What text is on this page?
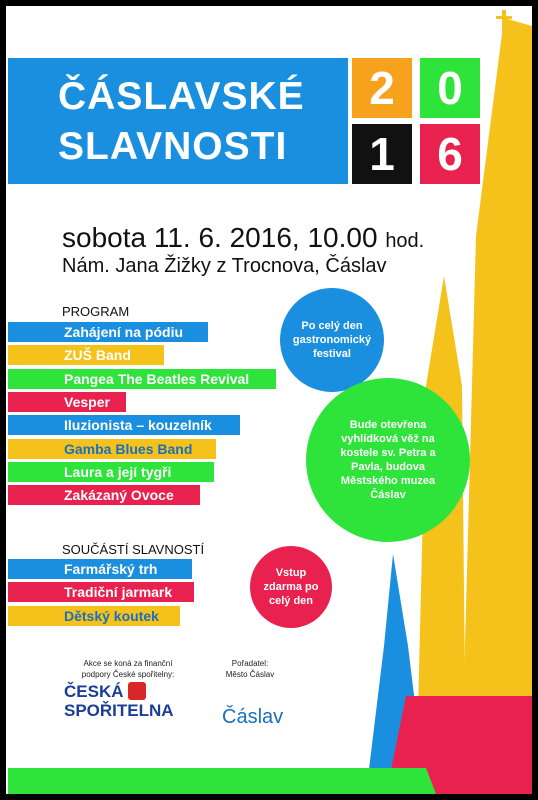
ČÁSLAVSKÉ
SLAVNOSTI
2 0
1 6
sobota 11. 6. 2016, 10.00 hod.
Nám. Jana Žižky z Trocnova, Čáslav
PROGRAM
Zahájení na pódiu
ZUŠ Band
Pangea The Beatles Revival
Vesper
Iluzionista – kouzelník
Gamba Blues Band
Laura a její tygři
Zakázaný Ovoce
SOUČÁSTÍ SLAVNOSTÍ
Farmářský trh
Tradiční jarmark
Dětský koutek
Po celý den gastronomický festival
Bude otevřena vyhlídková věž na kostele sv. Petra a Pavla, budova Městského muzea Čáslav
Vstup zdarma po celý den
Akce se koná za finanční podpory České spořitelny:
ČESKÁ
SPOŘITELNA
Pořadatel:
Město Čáslav
Čáslav
